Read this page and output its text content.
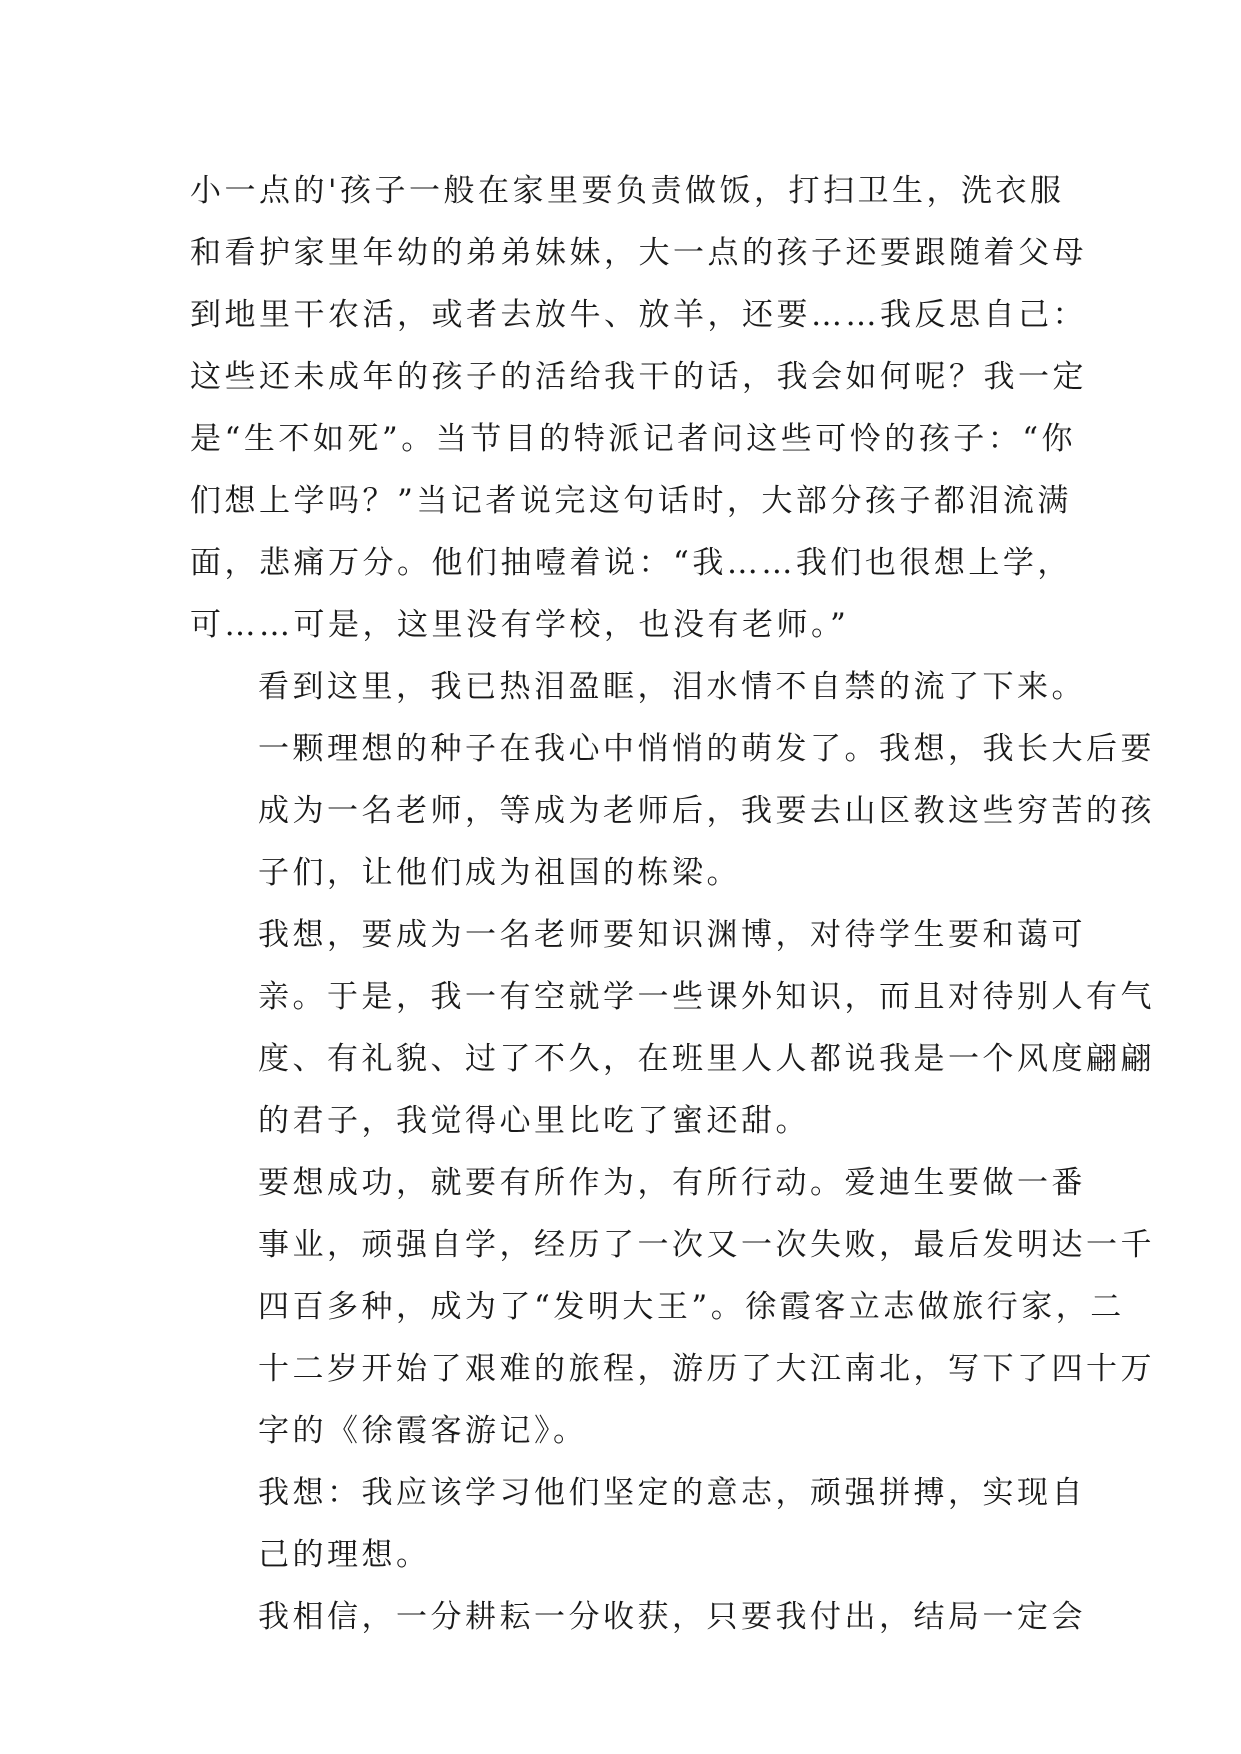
小一点的'孩子一般在家里要负责做饭，打扫卫生，洗衣服
和看护家里年幼的弟弟妹妹，大一点的孩子还要跟随着父母
到地里干农活，或者去放牛、放羊，还要……我反思自己：
这些还未成年的孩子的活给我干的话，我会如何呢？我一定
是“生不如死”。当节目的特派记者问这些可怜的孩子：“你
们想上学吗？”当记者说完这句话时，大部分孩子都泪流满
面，悲痛万分。他们抽噎着说：“我……我们也很想上学，
可……可是，这里没有学校，也没有老师。”

看到这里，我已热泪盈眶，泪水情不自禁的流了下来。
一颗理想的种子在我心中悄悄的萌发了。我想，我长大后要
成为一名老师，等成为老师后，我要去山区教这些穷苦的孩
子们，让他们成为祖国的栋梁。

我想，要成为一名老师要知识渊博，对待学生要和蔼可
亲。于是，我一有空就学一些课外知识，而且对待别人有气
度、有礼貌、过了不久，在班里人人都说我是一个风度翩翩
的君子，我觉得心里比吃了蜜还甜。

要想成功，就要有所作为，有所行动。爱迪生要做一番
事业，顽强自学，经历了一次又一次失败，最后发明达一千
四百多种，成为了“发明大王”。徐霞客立志做旅行家，二
十二岁开始了艰难的旅程，游历了大江南北，写下了四十万
字的《徐霞客游记》。

我想：我应该学习他们坚定的意志，顽强拼搏，实现自
己的理想。

我相信，一分耕耘一分收获，只要我付出，结局一定会
